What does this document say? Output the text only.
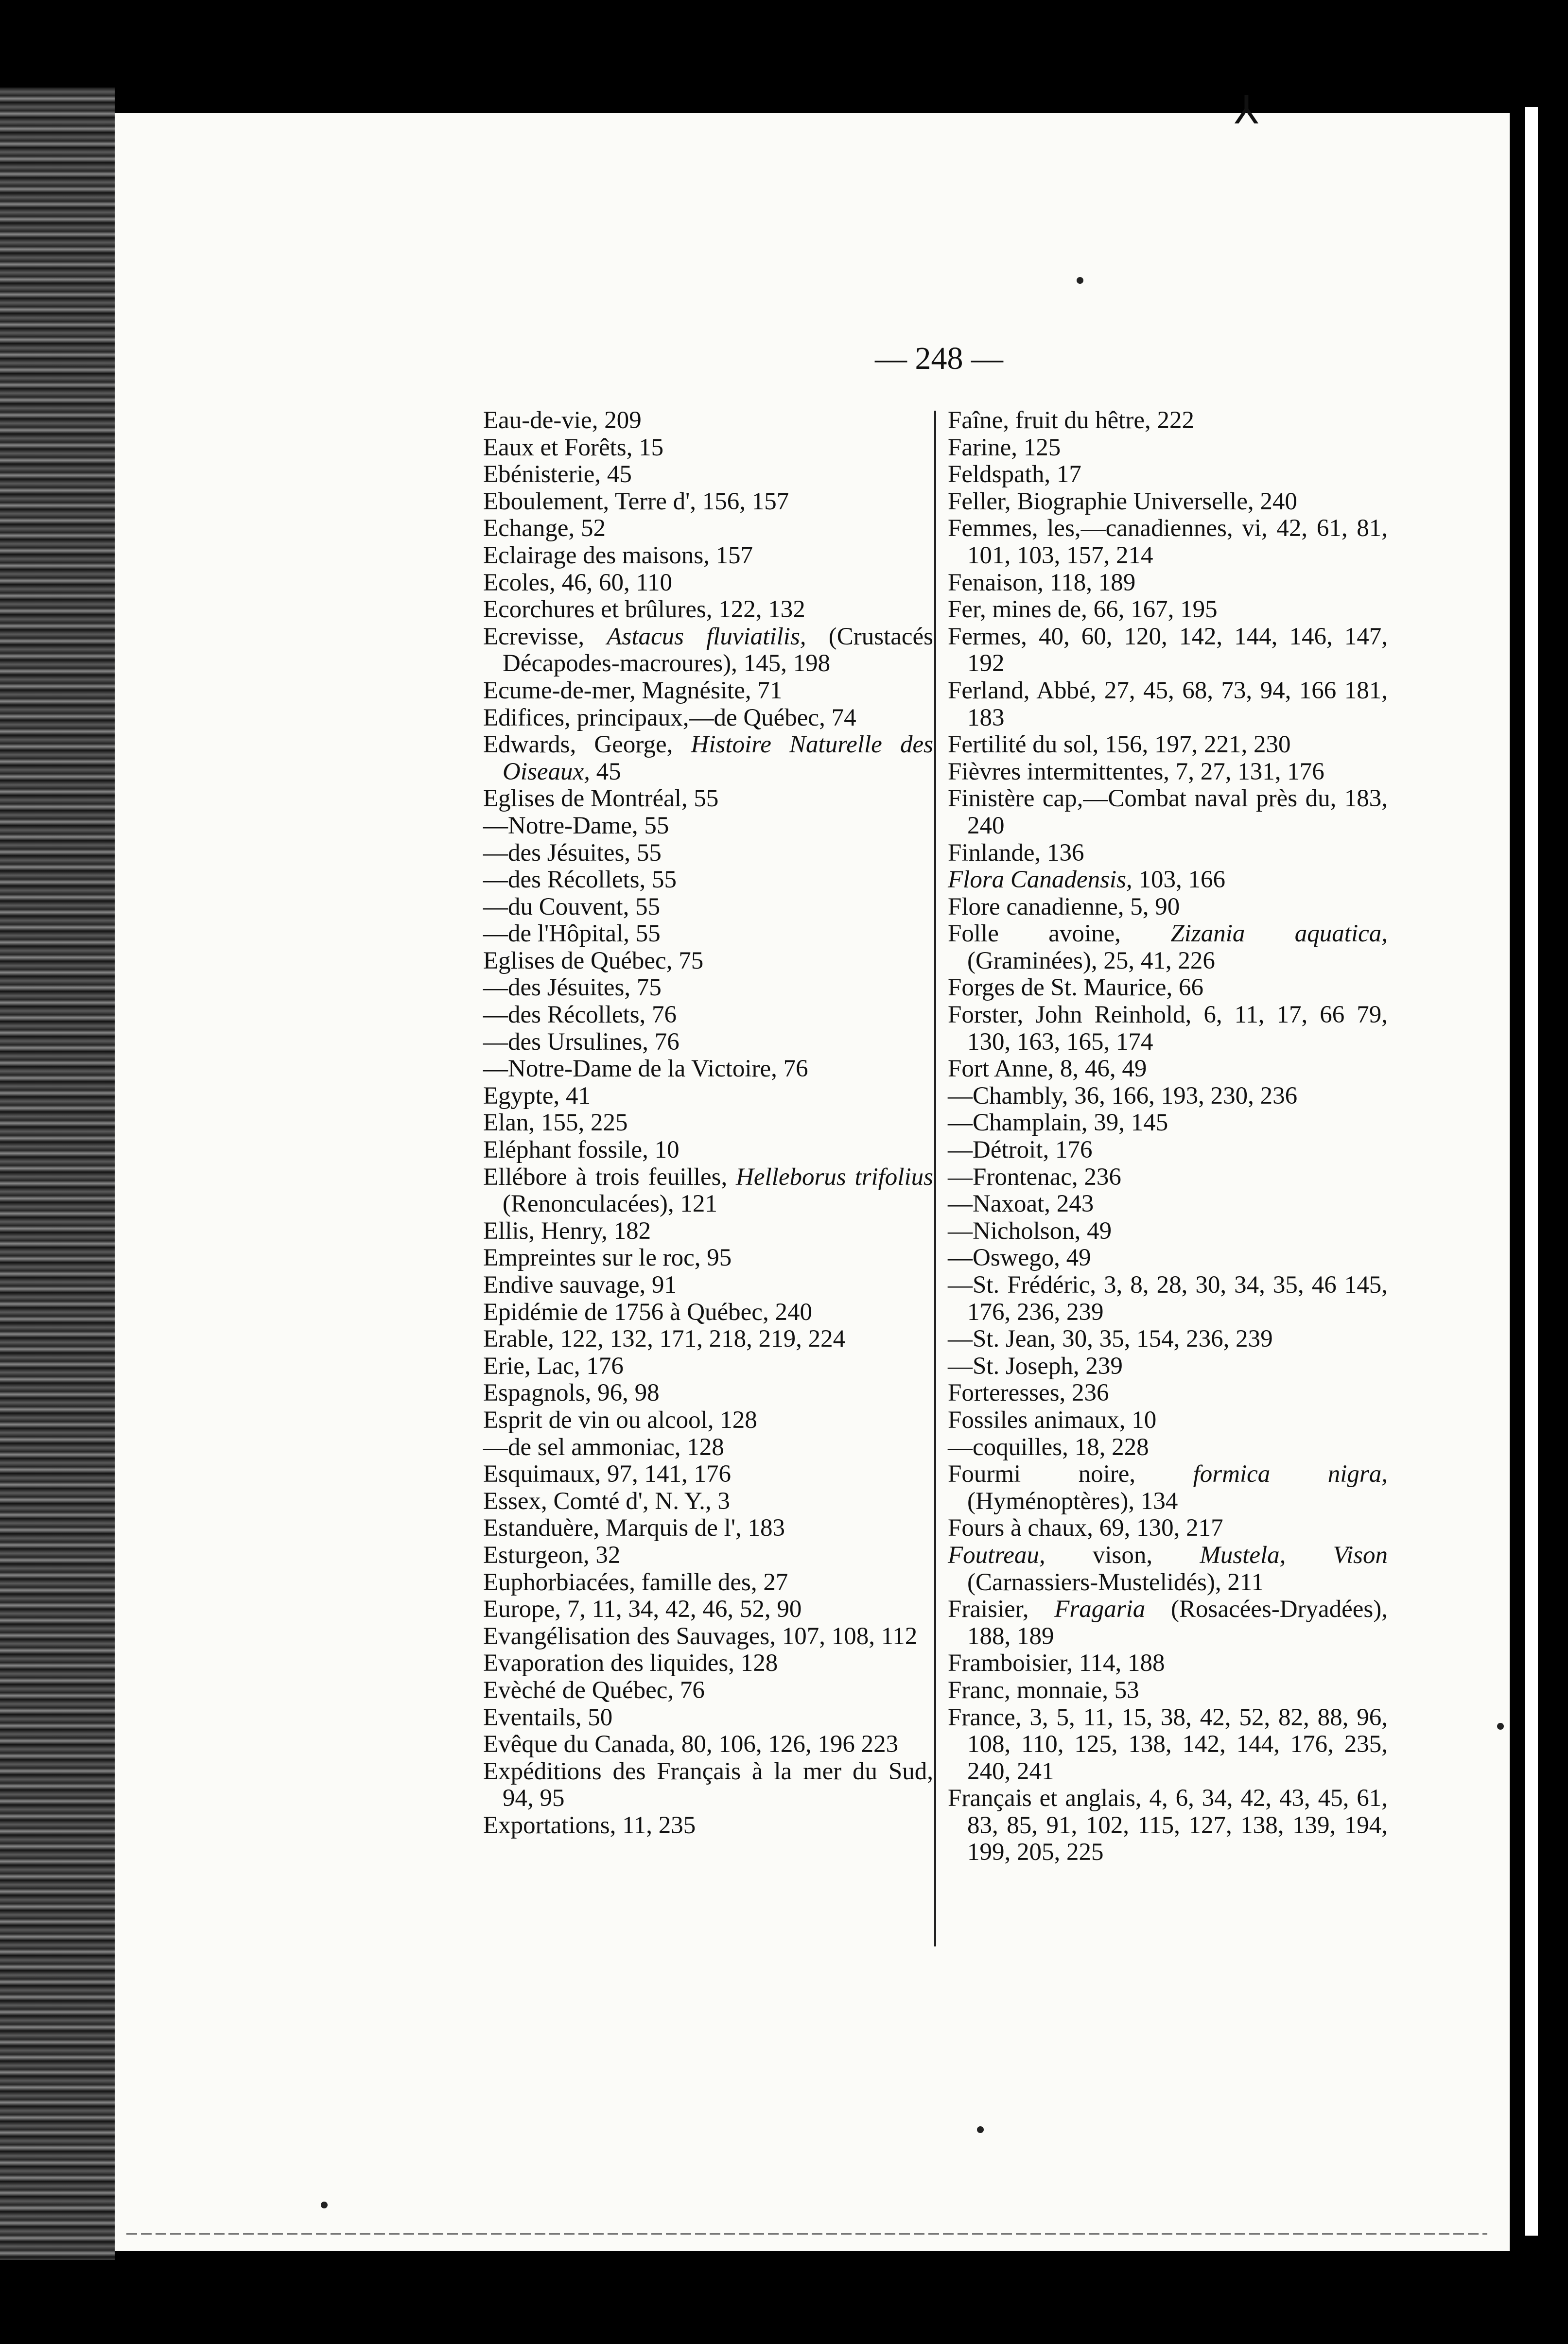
⅄
— 248 —
Eau-de-vie, 209
Eaux et Forêts, 15
Ebénisterie, 45
Eboulement, Terre d', 156, 157
Echange, 52
Eclairage des maisons, 157
Ecoles, 46, 60, 110
Ecorchures et brûlures, 122, 132
Ecrevisse, Astacus fluviatilis, (Crustacés Décapodes-macroures), 145, 198
Ecume-de-mer, Magnésite, 71
Edifices, principaux,—de Québec, 74
Edwards, George, Histoire Naturelle des Oiseaux, 45
Eglises de Montréal, 55
—Notre-Dame, 55
—des Jésuites, 55
—des Récollets, 55
—du Couvent, 55
—de l'Hôpital, 55
Eglises de Québec, 75
—des Jésuites, 75
—des Récollets, 76
—des Ursulines, 76
—Notre-Dame de la Victoire, 76
Egypte, 41
Elan, 155, 225
Eléphant fossile, 10
Ellébore à trois feuilles, Helleborus trifolius (Renonculacées), 121
Ellis, Henry, 182
Empreintes sur le roc, 95
Endive sauvage, 91
Epidémie de 1756 à Québec, 240
Erable, 122, 132, 171, 218, 219, 224
Erie, Lac, 176
Espagnols, 96, 98
Esprit de vin ou alcool, 128
—de sel ammoniac, 128
Esquimaux, 97, 141, 176
Essex, Comté d', N. Y., 3
Estanduère, Marquis de l', 183
Esturgeon, 32
Euphorbiacées, famille des, 27
Europe, 7, 11, 34, 42, 46, 52, 90
Evangélisation des Sauvages, 107, 108, 112
Evaporation des liquides, 128
Evèché de Québec, 76
Eventails, 50
Evêque du Canada, 80, 106, 126, 196 223
Expéditions des Français à la mer du Sud, 94, 95
Exportations, 11, 235
Faîne, fruit du hêtre, 222
Farine, 125
Feldspath, 17
Feller, Biographie Universelle, 240
Femmes, les,—canadiennes, vi, 42, 61, 81, 101, 103, 157, 214
Fenaison, 118, 189
Fer, mines de, 66, 167, 195
Fermes, 40, 60, 120, 142, 144, 146, 147, 192
Ferland, Abbé, 27, 45, 68, 73, 94, 166 181, 183
Fertilité du sol, 156, 197, 221, 230
Fièvres intermittentes, 7, 27, 131, 176
Finistère cap,—Combat naval près du, 183, 240
Finlande, 136
Flora Canadensis, 103, 166
Flore canadienne, 5, 90
Folle avoine, Zizania aquatica, (Graminées), 25, 41, 226
Forges de St. Maurice, 66
Forster, John Reinhold, 6, 11, 17, 66 79, 130, 163, 165, 174
Fort Anne, 8, 46, 49
—Chambly, 36, 166, 193, 230, 236
—Champlain, 39, 145
—Détroit, 176
—Frontenac, 236
—Naxoat, 243
—Nicholson, 49
—Oswego, 49
—St. Frédéric, 3, 8, 28, 30, 34, 35, 46 145, 176, 236, 239
—St. Jean, 30, 35, 154, 236, 239
—St. Joseph, 239
Forteresses, 236
Fossiles animaux, 10
—coquilles, 18, 228
Fourmi noire, formica nigra, (Hyménoptères), 134
Fours à chaux, 69, 130, 217
Foutreau, vison, Mustela, Vison (Carnassiers-Mustelidés), 211
Fraisier, Fragaria (Rosacées-Dryadées), 188, 189
Framboisier, 114, 188
Franc, monnaie, 53
France, 3, 5, 11, 15, 38, 42, 52, 82, 88, 96, 108, 110, 125, 138, 142, 144, 176, 235, 240, 241
Français et anglais, 4, 6, 34, 42, 43, 45, 61, 83, 85, 91, 102, 115, 127, 138, 139, 194, 199, 205, 225
